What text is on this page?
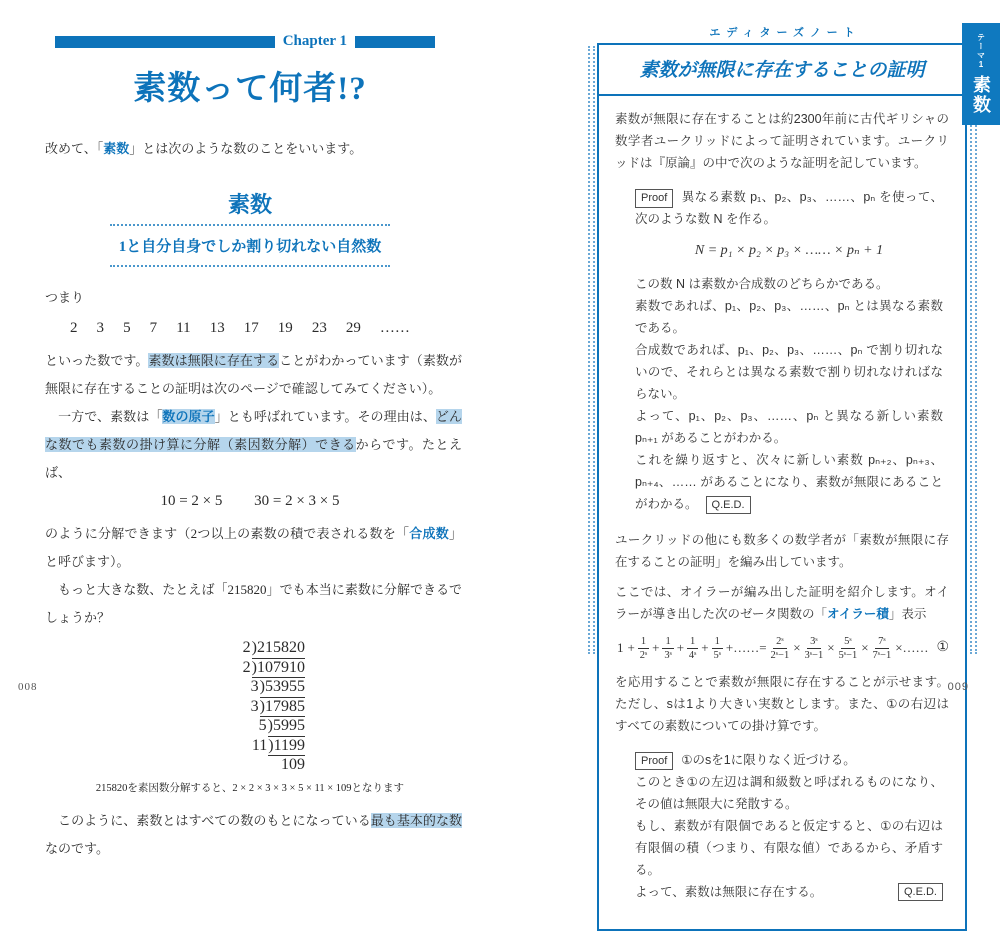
Chapter 1
素数って何者!?
改めて、「素数」とは次のような数のことをいいます。
素数
1と自分自身でしか割り切れない自然数
つまり
2 3 5 7 11 13 17 19 23 29 ……
といった数です。素数は無限に存在することがわかっています（素数が無限に存在することの証明は次のページで確認してみてください）。
　一方で、素数は「数の原子」とも呼ばれています。その理由は、どんな数でも素数の掛け算に分解（素因数分解）できるからです。たとえば、
10 = 2 × 5 30 = 2 × 3 × 5
のように分解できます（2つ以上の素数の積で表される数を「合成数」と呼びます）。
　もっと大きな数、たとえば「215820」でも本当に素数に分解できるでしょうか？
2 )215820
2 )107910
3 )53955
3 )17985
5 )5995
11 )1199
109
215820を素因数分解すると、2 × 2 × 3 × 3 × 5 × 11 × 109となります
　このように、素数とはすべての数のもとになっている最も基本的な数なのです。
008
エディターズノート
素数が無限に存在することの証明
素数が無限に存在することは約2300年前に古代ギリシャの数学者ユークリッドによって証明されています。ユークリッドは『原論』の中で次のような証明を記しています。
Proof 異なる素数 p₁、p₂、p₃、……、pₙ を使って、次のような数 N を作る。
N = p₁ × p₂ × p₃ × …… × pₙ + 1
この数 N は素数か合成数のどちらかである。
素数であれば、p₁、p₂、p₃、……、pₙ とは異なる素数である。
合成数であれば、p₁、p₂、p₃、……、pₙ で割り切れないので、それらとは異なる素数で割り切れなければならない。
よって、p₁、p₂、p₃、……、pₙ と異なる新しい素数 pₙ₊₁ があることがわかる。
これを繰り返すと、次々に新しい素数 pₙ₊₂、pₙ₊₃、pₙ₊₄、…… があることになり、素数が無限にあることがわかる。 Q.E.D.
ユークリッドの他にも数多くの数学者が「素数が無限に存在することの証明」を編み出しています。
ここでは、オイラーが編み出した証明を紹介します。オイラーが導き出した次のゼータ関数の「オイラー積」表示
$1 + \frac{1}{\text{2ˢ}} + \frac{1}{\text{3ˢ}} + \frac{1}{\text{4ˢ}} + \frac{1}{\text{5ˢ}}$ +……= $\frac{\text{2ˢ}}{\text{2ˢ−1}} \times \frac{\text{3ˢ}}{\text{3ˢ−1}} \times \frac{\text{5ˢ}}{\text{5ˢ−1}} \times \frac{\text{7ˢ}}{\text{7ˢ−1}}$ ×…… ①
を応用することで素数が無限に存在することが示せます。ただし、sは1より大きい実数とします。また、①の右辺はすべての素数についての掛け算です。
Proof ①のsを1に限りなく近づける。
このとき①の左辺は調和級数と呼ばれるものになり、その値は無限大に発散する。
もし、素数が有限個であると仮定すると、①の右辺は有限個の積（つまり、有限な値）であるから、矛盾する。
よって、素数は無限に存在する。	Q.E.D.
009
テーマ1
素数
